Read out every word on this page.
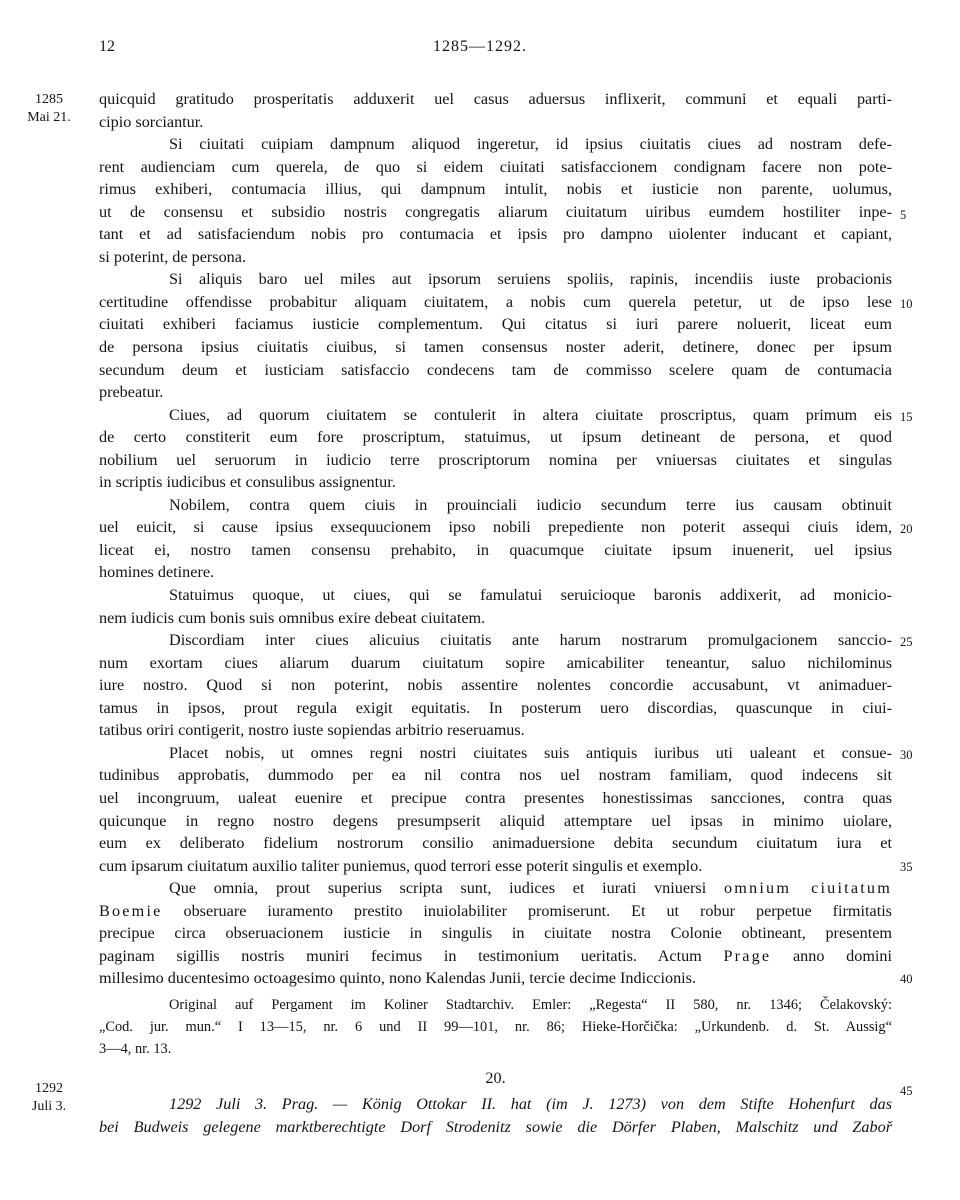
12	1285—1292.
1285
Mai 21.
1292
Juli 3.
quicquid gratitudo prosperitatis adduxerit uel casus aduersus inflixerit, communi et equali parti-
cipio sorciantur.
Si ciuitati cuipiam dampnum aliquod ingeretur, id ipsius ciuitatis ciues ad nostram defe-
rent audienciam cum querela, de quo si eidem ciuitati satisfaccionem condignam facere non pote-
rimus exhiberi, contumacia illius, qui dampnum intulit, nobis et iusticie non parente, uolumus,
ut de consensu et subsidio nostris congregatis aliarum ciuitatum uiribus eumdem hostiliter inpe-
tant et ad satisfaciendum nobis pro contumacia et ipsis pro dampno uiolenter inducant et capiant,
si poterint, de persona.
Si aliquis baro uel miles aut ipsorum seruiens spoliis, rapinis, incendiis iuste probacionis
certitudine offendisse probabitur aliquam ciuitatem, a nobis cum querela petetur, ut de ipso lese
ciuitati exhiberi faciamus iusticie complementum. Qui citatus si iuri parere noluerit, liceat eum
de persona ipsius ciuitatis ciuibus, si tamen consensus noster aderit, detinere, donec per ipsum
secundum deum et iusticiam satisfaccio condecens tam de commisso scelere quam de contumacia
prebeatur.
Ciues, ad quorum ciuitatem se contulerit in altera ciuitate proscriptus, quam primum eis
de certo constiterit eum fore proscriptum, statuimus, ut ipsum detineant de persona, et quod
nobilium uel seruorum in iudicio terre proscriptorum nomina per vniuersas ciuitates et singulas
in scriptis iudicibus et consulibus assignentur.
Nobilem, contra quem ciuis in prouinciali iudicio secundum terre ius causam obtinuit
uel euicit, si cause ipsius exsequucionem ipso nobili prepediente non poterit assequi ciuis idem,
liceat ei, nostro tamen consensu prehabito, in quacumque ciuitate ipsum inuenerit, uel ipsius
homines detinere.
Statuimus quoque, ut ciues, qui se famulatui seruicioque baronis addixerit, ad monicio-
nem iudicis cum bonis suis omnibus exire debeat ciuitatem.
Discordiam inter ciues alicuius ciuitatis ante harum nostrarum promulgacionem sanccio-
num exortam ciues aliarum duarum ciuitatum sopire amicabiliter teneantur, saluo nichilominus
iure nostro. Quod si non poterint, nobis assentire nolentes concordie accusabunt, vt animaduer-
tamus in ipsos, prout regula exigit equitatis. In posterum uero discordias, quascunque in ciui-
tatibus oriri contigerit, nostro iuste sopiendas arbitrio reseruamus.
Placet nobis, ut omnes regni nostri ciuitates suis antiquis iuribus uti ualeant et consue-
tudinibus approbatis, dummodo per ea nil contra nos uel nostram familiam, quod indecens sit
uel incongruum, ualeat euenire et precipue contra presentes honestissimas sancciones, contra quas
quicunque in regno nostro degens presumpserit aliquid attemptare uel ipsas in minimo uiolare,
eum ex deliberato fidelium nostrorum consilio animaduersione debita secundum ciuitatum iura et
cum ipsarum ciuitatum auxilio taliter puniemus, quod terrori esse poterit singulis et exemplo.
Que omnia, prout superius scripta sunt, iudices et iurati vniuersi omnium ciuitatum
Boemie obseruare iuramento prestito inuiolabiliter promiserunt. Et ut robur perpetue firmitatis
precipue circa obseruacionem iusticie in singulis in ciuitate nostra Colonie obtineant, presentem
paginam sigillis nostris muniri fecimus in testimonium ueritatis. Actum Prage anno domini
millesimo ducentesimo octoagesimo quinto, nono Kalendas Junii, tercie decime Indiccionis.
Original auf Pergament im Koliner Stadtarchiv. Emler: „Regesta“ II 580, nr. 1346; Čelakovský:
„Cod. jur. mun.“ I 13—15, nr. 6 und II 99—101, nr. 86; Hieke-Horčička: „Urkundenb. d. St. Aussig“
3—4, nr. 13.
20.
1292 Juli 3. Prag. — König Ottokar II. hat (im J. 1273) von dem Stifte Hohenfurt das
bei Budweis gelegene marktberechtigte Dorf Strodenitz sowie die Dörfer Plaben, Malschitz und Zaboř
5
10
15
20
25
30
35
40
45
